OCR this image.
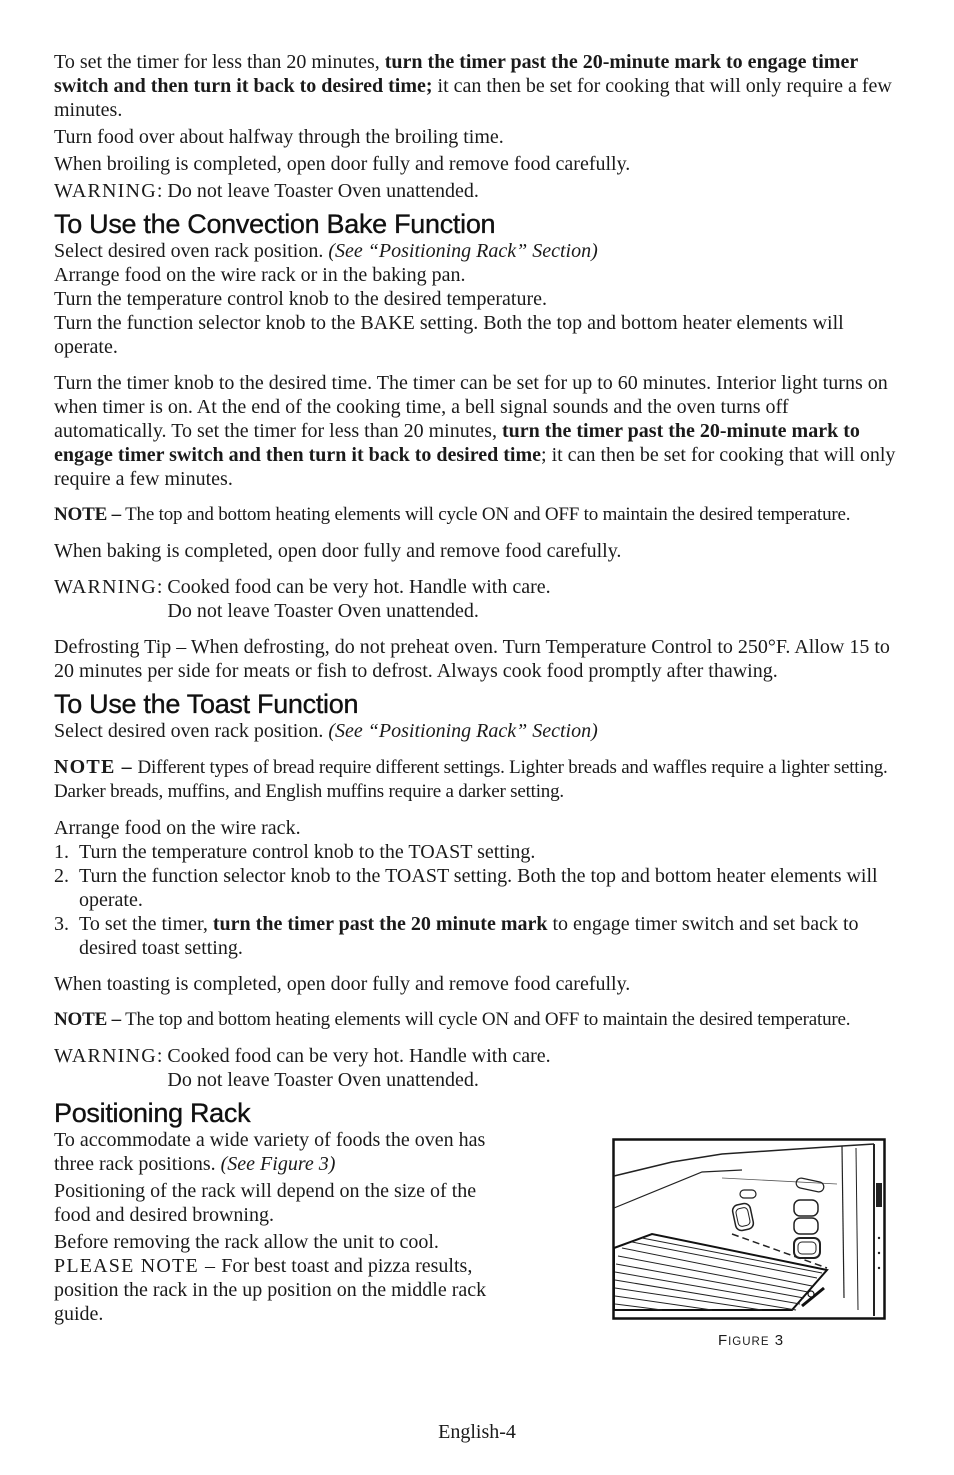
To set the timer for less than 20 minutes, turn the timer past the 20-minute mark to engage timer switch and then turn it back to desired time; it can then be set for cooking that will only require a few minutes.

Turn food over about halfway through the broiling time.

When broiling is completed, open door fully and remove food carefully.

WARNING: Do not leave Toaster Oven unattended.

To Use the Convection Bake Function

Select desired oven rack position. (See “Positioning Rack” Section)

Arrange food on the wire rack or in the baking pan.

Turn the temperature control knob to the desired temperature.

Turn the function selector knob to the BAKE setting. Both the top and bottom heater elements will operate.

Turn the timer knob to the desired time. The timer can be set for up to 60 minutes. Interior light turns on when timer is on. At the end of the cooking time, a bell signal sounds and the oven turns off automatically. To set the timer for less than 20 minutes, turn the timer past the 20-minute mark to engage timer switch and then turn it back to desired time; it can then be set for cooking that will only require a few minutes.

NOTE – The top and bottom heating elements will cycle ON and OFF to maintain the desired temperature.

When baking is completed, open door fully and remove food carefully.

WARNING: Cooked food can be very hot. Handle with care.

Do not leave Toaster Oven unattended.

Defrosting Tip – When defrosting, do not preheat oven. Turn Temperature Control to 250°F. Allow 15 to 20 minutes per side for meats or fish to defrost. Always cook food promptly after thawing.

To Use the Toast Function

Select desired oven rack position. (See “Positioning Rack” Section)

NOTE – Different types of bread require different settings. Lighter breads and waffles require a lighter setting. Darker breads, muffins, and English muffins require a darker setting.

Arrange food on the wire rack.

1. Turn the temperature control knob to the TOAST setting.
2. Turn the function selector knob to the TOAST setting. Both the top and bottom heater elements will operate.
3. To set the timer, turn the timer past the 20 minute mark to engage timer switch and set back to desired toast setting.

When toasting is completed, open door fully and remove food carefully.

NOTE – The top and bottom heating elements will cycle ON and OFF to maintain the desired temperature.

WARNING: Cooked food can be very hot. Handle with care.

Do not leave Toaster Oven unattended.

Positioning Rack

To accommodate a wide variety of foods the oven has three rack positions. (See Figure 3)

Positioning of the rack will depend on the size of the food and desired browning.

Before removing the rack allow the unit to cool.

PLEASE NOTE – For best toast and pizza results, position the rack in the up position on the middle rack guide.

FIGURE 3
English-4
